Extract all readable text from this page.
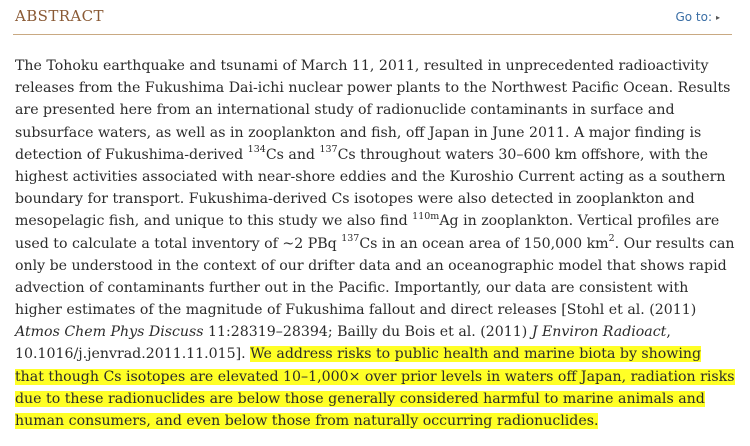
ABSTRACT	Go to: ▸
The Tohoku earthquake and tsunami of March 11, 2011, resulted in unprecedented radioactivity
releases from the Fukushima Dai-ichi nuclear power plants to the Northwest Pacific Ocean. Results
are presented here from an international study of radionuclide contaminants in surface and
subsurface waters, as well as in zooplankton and fish, off Japan in June 2011. A major finding is
detection of Fukushima-derived $^{134}$Cs and $^{137}$Cs throughout waters 30–600 km offshore, with the
highest activities associated with near-shore eddies and the Kuroshio Current acting as a southern
boundary for transport. Fukushima-derived Cs isotopes were also detected in zooplankton and
mesopelagic fish, and unique to this study we also find $^{110m}$Ag in zooplankton. Vertical profiles are
used to calculate a total inventory of ~2 PBq $^{137}$Cs in an ocean area of 150,000 $km^2$. Our results can
only be understood in the context of our drifter data and an oceanographic model that shows rapid
advection of contaminants further out in the Pacific. Importantly, our data are consistent with
higher estimates of the magnitude of Fukushima fallout and direct releases [Stohl et al. (2011)
Atmos Chem Phys Discuss 11:28319–28394; Bailly du Bois et al. (2011) J Environ Radioact,
10.1016/j.jenvrad.2011.11.015]. We address risks to public health and marine biota by showing
that though Cs isotopes are elevated 10–1,000× over prior levels in waters off Japan, radiation risks
due to these radionuclides are below those generally considered harmful to marine animals and
human consumers, and even below those from naturally occurring radionuclides.
